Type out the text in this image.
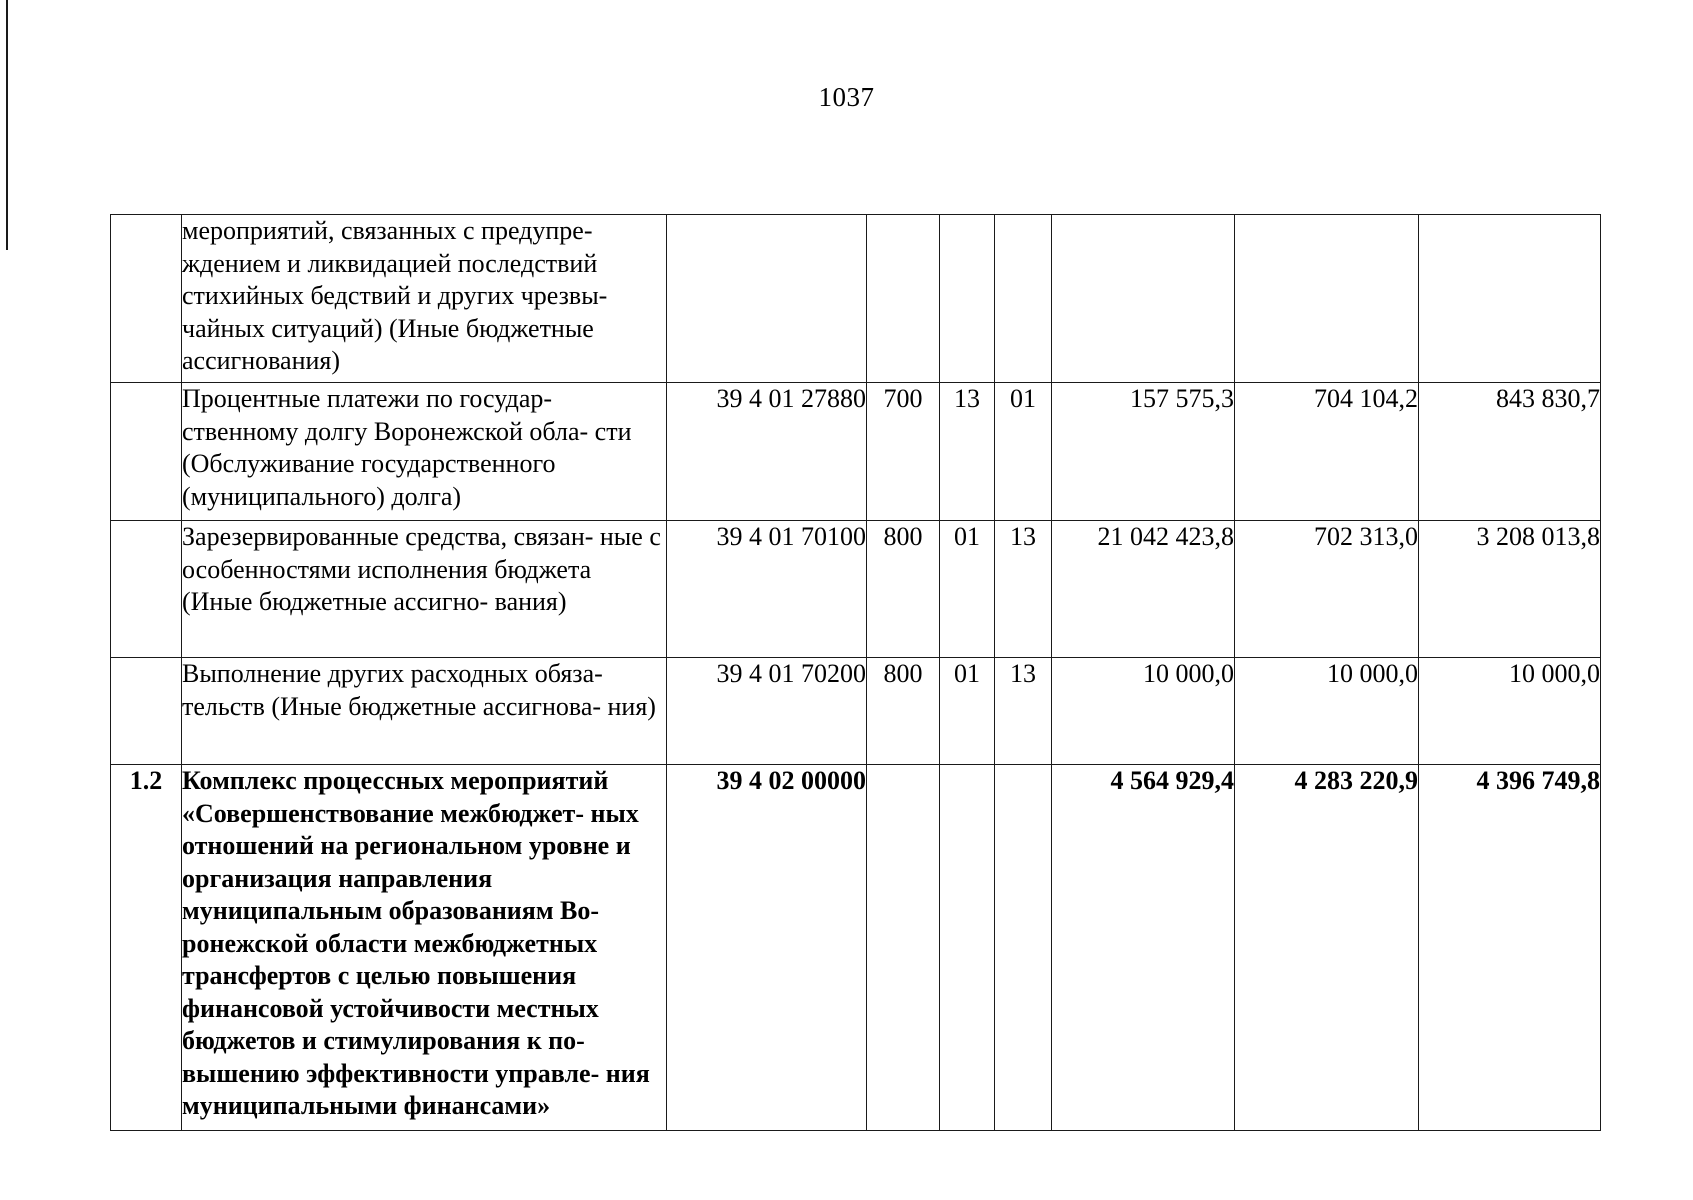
1037
	мероприятий, связанных с предупре- ждением и ликвидацией последствий стихийных бедствий и других чрезвы- чайных ситуаций) (Иные бюджетные ассигнования)							
	Процентные платежи по государ- ственному долгу Воронежской обла- сти (Обслуживание государственного (муниципального) долга)	39 4 01 27880	700	13	01	157 575,3	704 104,2	843 830,7
	Зарезервированные средства, связан- ные с особенностями исполнения бюджета (Иные бюджетные ассигно- вания)	39 4 01 70100	800	01	13	21 042 423,8	702 313,0	3 208 013,8
	Выполнение других расходных обяза- тельств (Иные бюджетные ассигнова- ния)	39 4 01 70200	800	01	13	10 000,0	10 000,0	10 000,0
1.2	Комплекс процессных мероприятий «Совершенствование межбюджет- ных отношений на региональном уровне и организация направления муниципальным образованиям Во- ронежской области межбюджетных трансфертов с целью повышения финансовой устойчивости местных бюджетов и стимулирования к по- вышению эффективности управле- ния муниципальными финансами»	39 4 02 00000				4 564 929,4	4 283 220,9	4 396 749,8
